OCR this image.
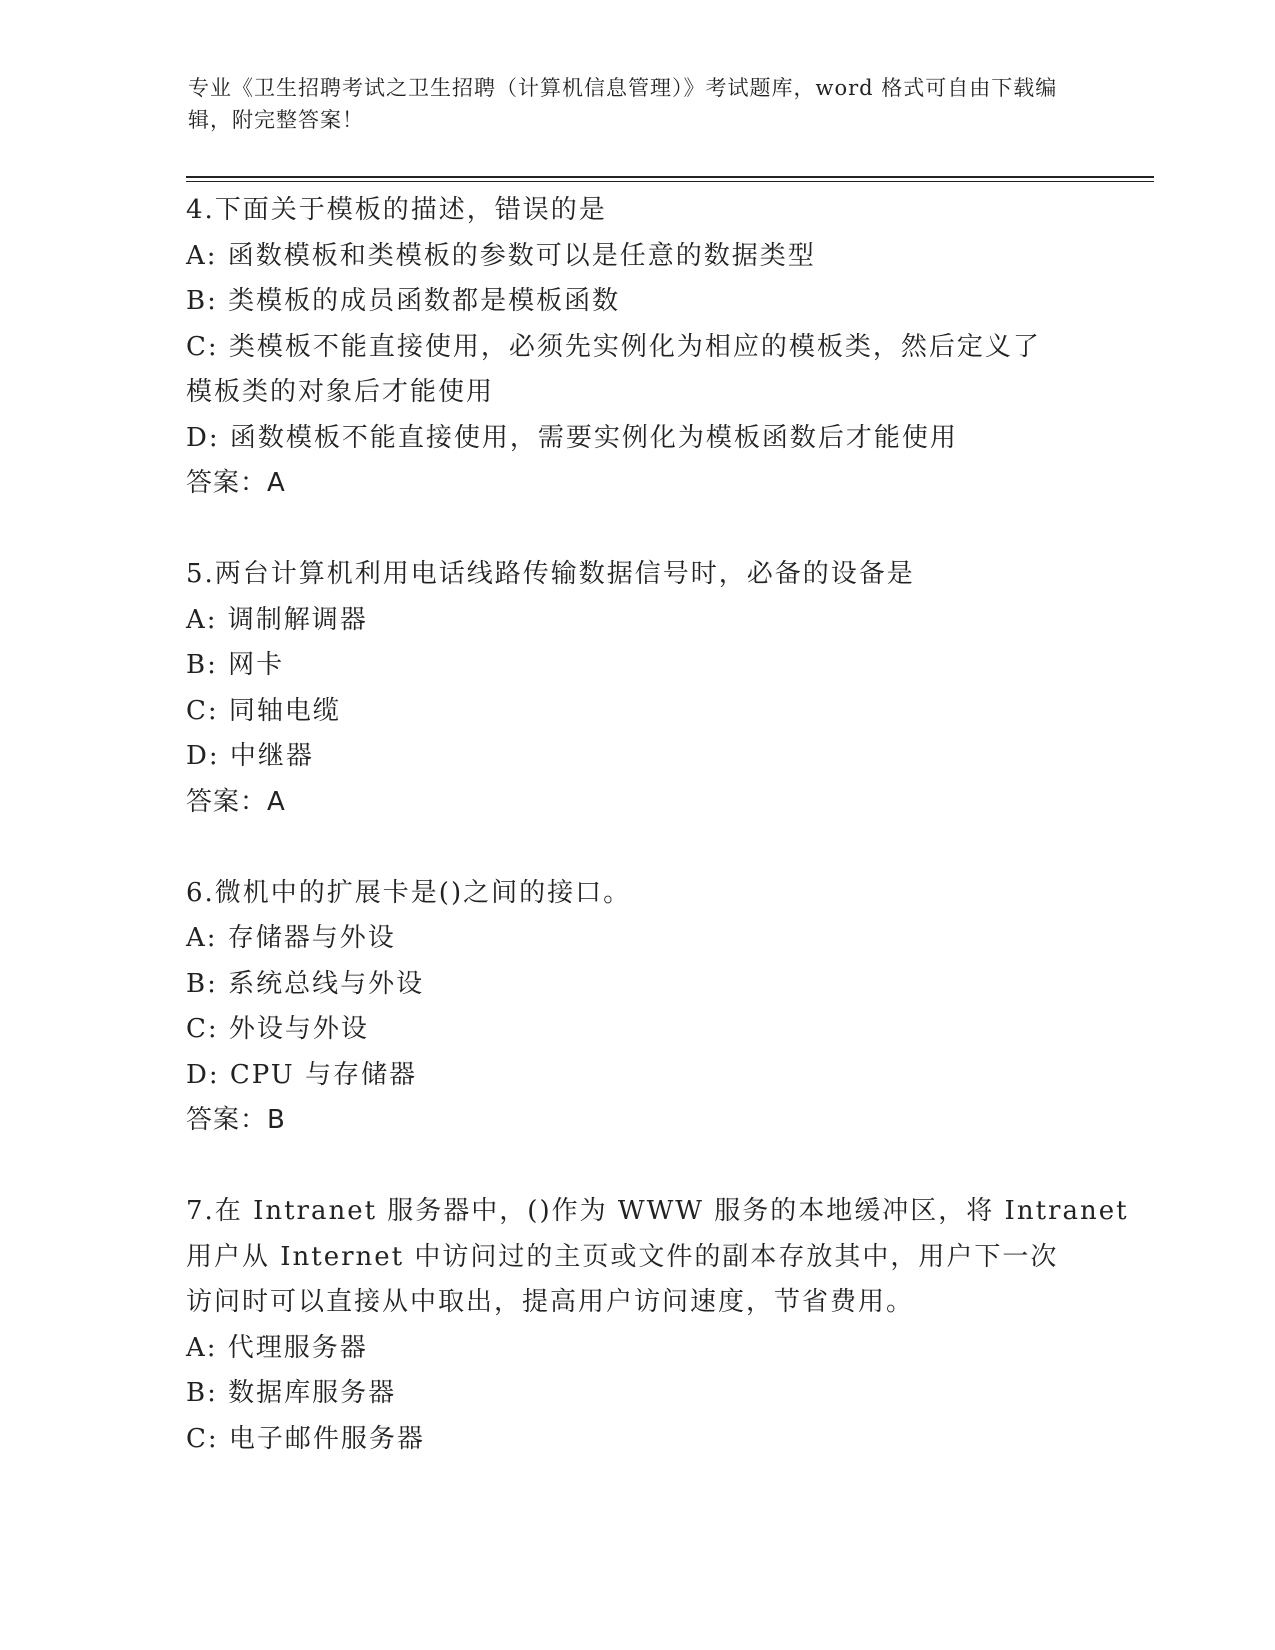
专业《卫生招聘考试之卫生招聘（计算机信息管理）》考试题库，word 格式可自由下载编辑，附完整答案！
4.下面关于模板的描述，错误的是
A: 函数模板和类模板的参数可以是任意的数据类型
B: 类模板的成员函数都是模板函数
C: 类模板不能直接使用，必须先实例化为相应的模板类，然后定义了
模板类的对象后才能使用
D: 函数模板不能直接使用，需要实例化为模板函数后才能使用
答案：A
5.两台计算机利用电话线路传输数据信号时，必备的设备是
A: 调制解调器
B: 网卡
C: 同轴电缆
D: 中继器
答案：A
6.微机中的扩展卡是()之间的接口。
A: 存储器与外设
B: 系统总线与外设
C: 外设与外设
D: CPU 与存储器
答案：B
7.在 Intranet 服务器中，()作为 WWW 服务的本地缓冲区，将 Intranet
用户从 Internet 中访问过的主页或文件的副本存放其中，用户下一次
访问时可以直接从中取出，提高用户访问速度，节省费用。
A: 代理服务器
B: 数据库服务器
C: 电子邮件服务器
